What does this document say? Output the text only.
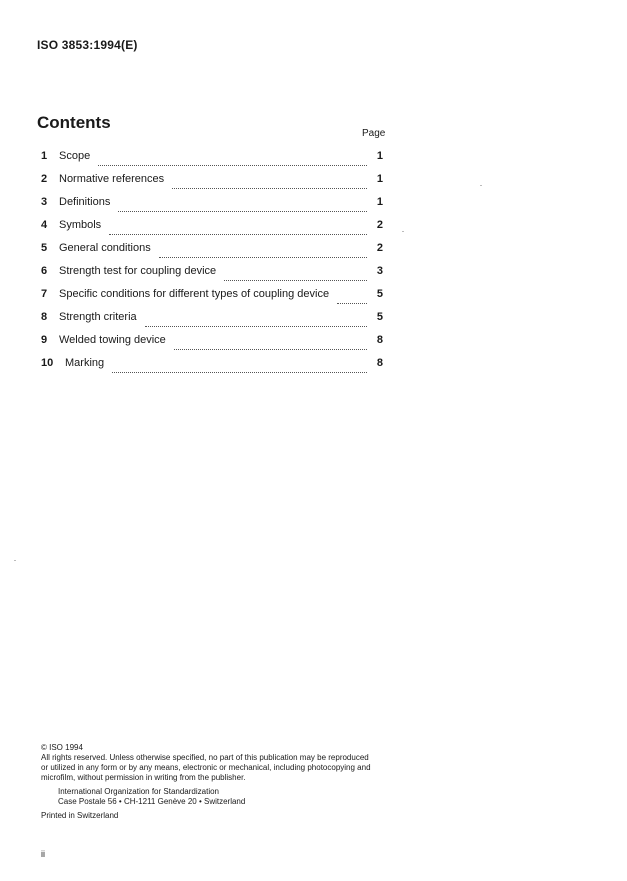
ISO 3853:1994(E)
Contents
Page
1	Scope	1
2	Normative references	1
3	Definitions	1
4	Symbols	2
5	General conditions	2
6	Strength test for coupling device	3
7	Specific conditions for different types of coupling device	5
8	Strength criteria	5
9	Welded towing device	8
10	Marking	8
© ISO 1994
All rights reserved. Unless otherwise specified, no part of this publication may be reproduced
or utilized in any form or by any means, electronic or mechanical, including photocopying and
microfilm, without permission in writing from the publisher.
International Organization for Standardization
Case Postale 56 • CH-1211 Genève 20 • Switzerland
Printed in Switzerland
ii
